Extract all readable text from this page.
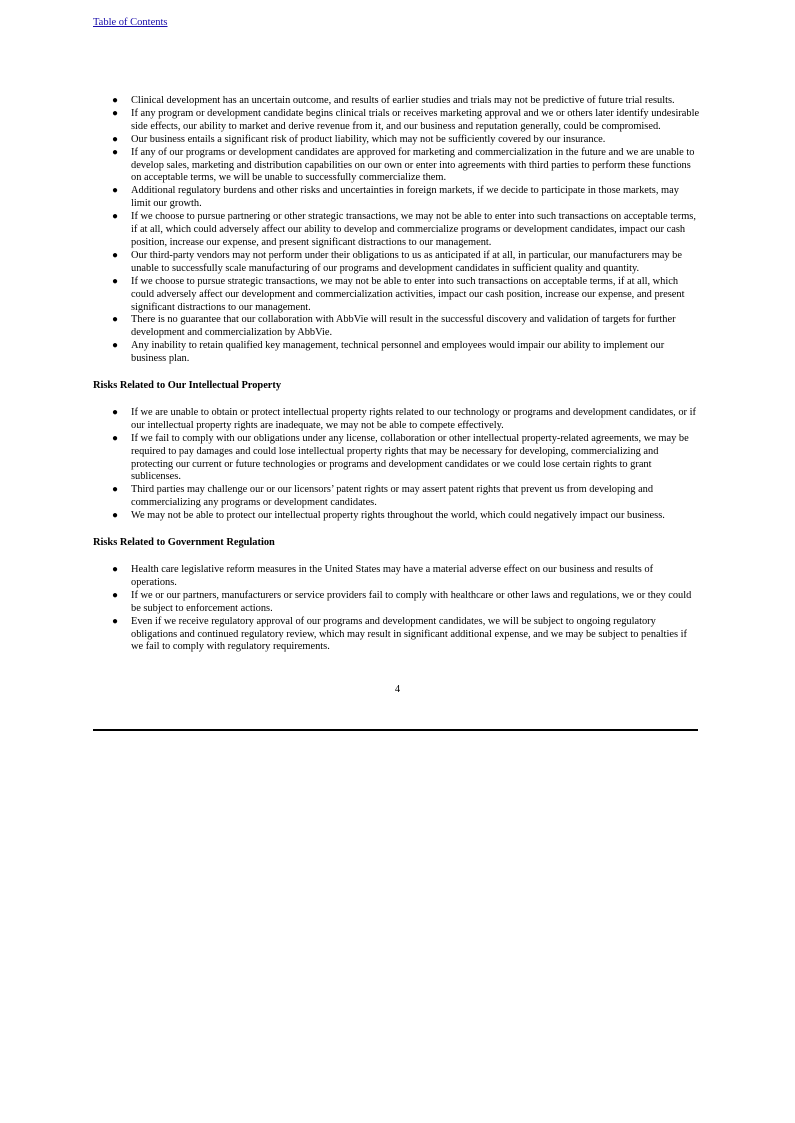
Table of Contents
● Clinical development has an uncertain outcome, and results of earlier studies and trials may not be predictive of future trial results.
● If any program or development candidate begins clinical trials or receives marketing approval and we or others later identify undesirable side effects, our ability to market and derive revenue from it, and our business and reputation generally, could be compromised.
● Our business entails a significant risk of product liability, which may not be sufficiently covered by our insurance.
● If any of our programs or development candidates are approved for marketing and commercialization in the future and we are unable to develop sales, marketing and distribution capabilities on our own or enter into agreements with third parties to perform these functions on acceptable terms, we will be unable to successfully commercialize them.
● Additional regulatory burdens and other risks and uncertainties in foreign markets, if we decide to participate in those markets, may limit our growth.
● If we choose to pursue partnering or other strategic transactions, we may not be able to enter into such transactions on acceptable terms, if at all, which could adversely affect our ability to develop and commercialize programs or development candidates, impact our cash position, increase our expense, and present significant distractions to our management.
● Our third-party vendors may not perform under their obligations to us as anticipated if at all, in particular, our manufacturers may be unable to successfully scale manufacturing of our programs and development candidates in sufficient quality and quantity.
● If we choose to pursue strategic transactions, we may not be able to enter into such transactions on acceptable terms, if at all, which could adversely affect our development and commercialization activities, impact our cash position, increase our expense, and present significant distractions to our management.
● There is no guarantee that our collaboration with AbbVie will result in the successful discovery and validation of targets for further development and commercialization by AbbVie.
● Any inability to retain qualified key management, technical personnel and employees would impair our ability to implement our business plan.
Risks Related to Our Intellectual Property
● If we are unable to obtain or protect intellectual property rights related to our technology or programs and development candidates, or if our intellectual property rights are inadequate, we may not be able to compete effectively.
● If we fail to comply with our obligations under any license, collaboration or other intellectual property-related agreements, we may be required to pay damages and could lose intellectual property rights that may be necessary for developing, commercializing and protecting our current or future technologies or programs and development candidates or we could lose certain rights to grant sublicenses.
● Third parties may challenge our or our licensors’ patent rights or may assert patent rights that prevent us from developing and commercializing any programs or development candidates.
● We may not be able to protect our intellectual property rights throughout the world, which could negatively impact our business.
Risks Related to Government Regulation
● Health care legislative reform measures in the United States may have a material adverse effect on our business and results of operations.
● If we or our partners, manufacturers or service providers fail to comply with healthcare or other laws and regulations, we or they could be subject to enforcement actions.
● Even if we receive regulatory approval of our programs and development candidates, we will be subject to ongoing regulatory obligations and continued regulatory review, which may result in significant additional expense, and we may be subject to penalties if we fail to comply with regulatory requirements.
4
